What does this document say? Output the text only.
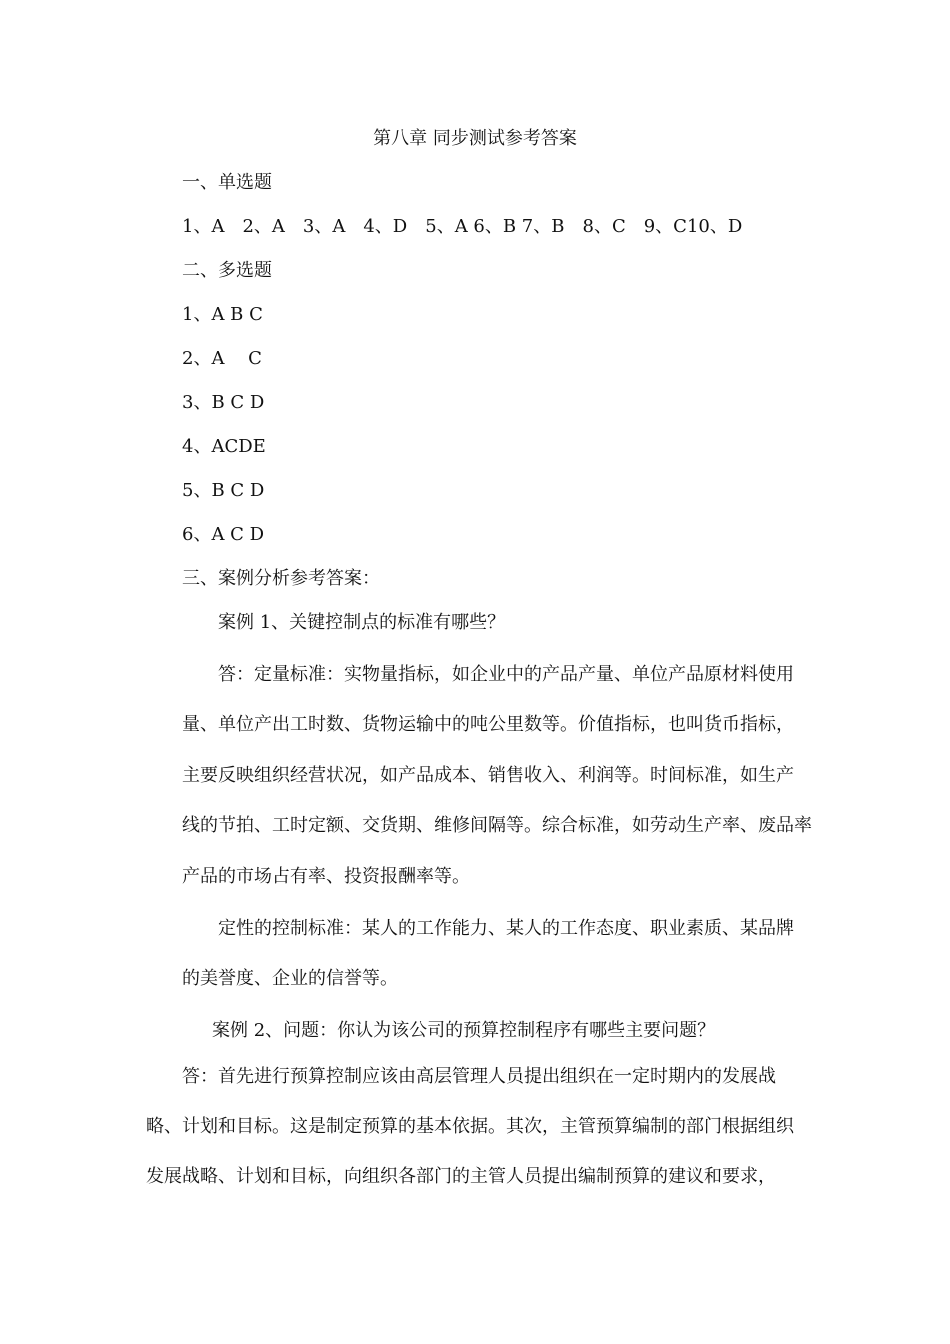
第八章 同步测试参考答案
一、单选题
1、A　2、A　3、A　4、D　5、A 6、B 7、B　8、C　9、C10、D
二、多选题
1、A B C
2、A　 C
3、B C D
4、ACDE
5、B C D
6、A C D
三、案例分析参考答案：
案例 1、关键控制点的标准有哪些？
答：定量标准：实物量指标，如企业中的产品产量、单位产品原材料使用
量、单位产出工时数、货物运输中的吨公里数等。价值指标，也叫货币指标，
主要反映组织经营状况，如产品成本、销售收入、利润等。时间标准，如生产
线的节拍、工时定额、交货期、维修间隔等。综合标准，如劳动生产率、废品率
产品的市场占有率、投资报酬率等。
定性的控制标准：某人的工作能力、某人的工作态度、职业素质、某品牌
的美誉度、企业的信誉等。
案例 2、问题：你认为该公司的预算控制程序有哪些主要问题？
答：首先进行预算控制应该由高层管理人员提出组织在一定时期内的发展战
略、计划和目标。这是制定预算的基本依据。其次，主管预算编制的部门根据组织
发展战略、计划和目标，向组织各部门的主管人员提出编制预算的建议和要求，
